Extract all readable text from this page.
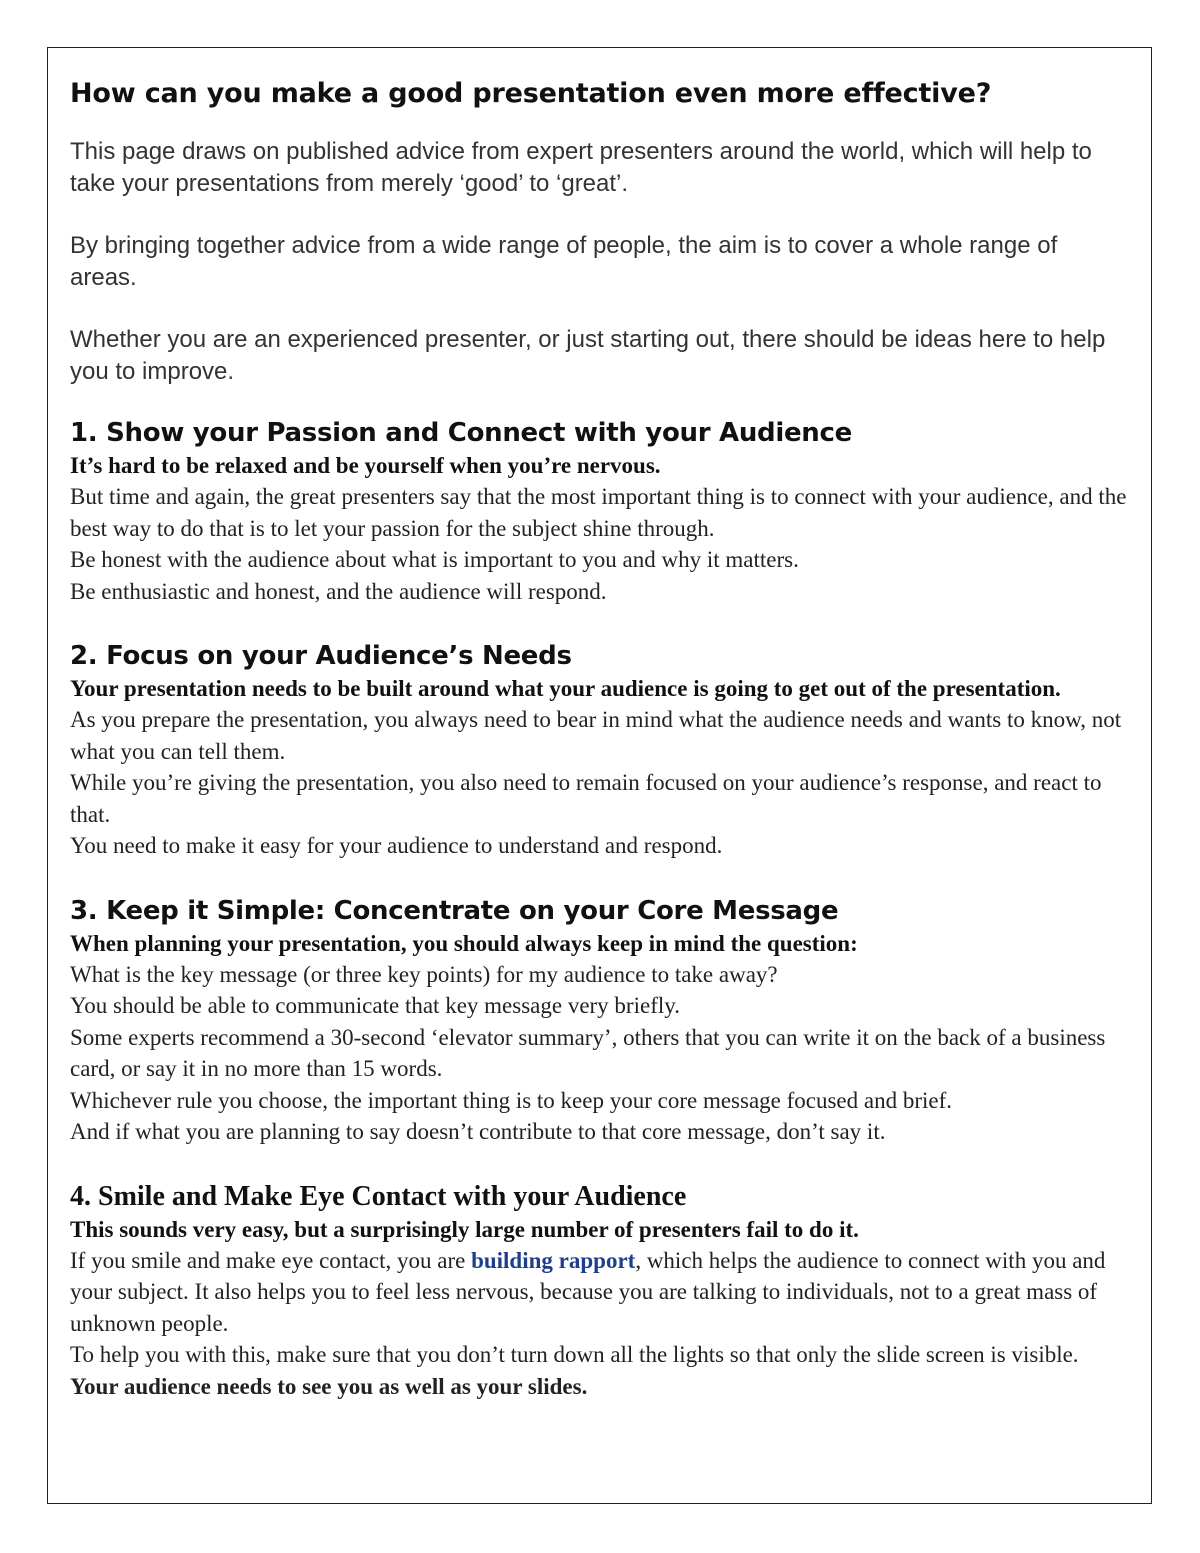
How can you make a good presentation even more effective?

This page draws on published advice from expert presenters around the world, which will help to take your presentations from merely ‘good’ to ‘great’.

By bringing together advice from a wide range of people, the aim is to cover a whole range of areas.

Whether you are an experienced presenter, or just starting out, there should be ideas here to help you to improve.

1. Show your Passion and Connect with your Audience

It’s hard to be relaxed and be yourself when you’re nervous.

But time and again, the great presenters say that the most important thing is to connect with your audience, and the best way to do that is to let your passion for the subject shine through.

Be honest with the audience about what is important to you and why it matters.

Be enthusiastic and honest, and the audience will respond.

2. Focus on your Audience’s Needs

Your presentation needs to be built around what your audience is going to get out of the presentation.

As you prepare the presentation, you always need to bear in mind what the audience needs and wants to know, not what you can tell them.

While you’re giving the presentation, you also need to remain focused on your audience’s response, and react to that.

You need to make it easy for your audience to understand and respond.

3. Keep it Simple: Concentrate on your Core Message

When planning your presentation, you should always keep in mind the question:

What is the key message (or three key points) for my audience to take away?

You should be able to communicate that key message very briefly.

Some experts recommend a 30-second ‘elevator summary’, others that you can write it on the back of a business card, or say it in no more than 15 words.

Whichever rule you choose, the important thing is to keep your core message focused and brief.

And if what you are planning to say doesn’t contribute to that core message, don’t say it.

4. Smile and Make Eye Contact with your Audience

This sounds very easy, but a surprisingly large number of presenters fail to do it.

If you smile and make eye contact, you are building rapport, which helps the audience to connect with you and your subject. It also helps you to feel less nervous, because you are talking to individuals, not to a great mass of unknown people.

To help you with this, make sure that you don’t turn down all the lights so that only the slide screen is visible. Your audience needs to see you as well as your slides.
